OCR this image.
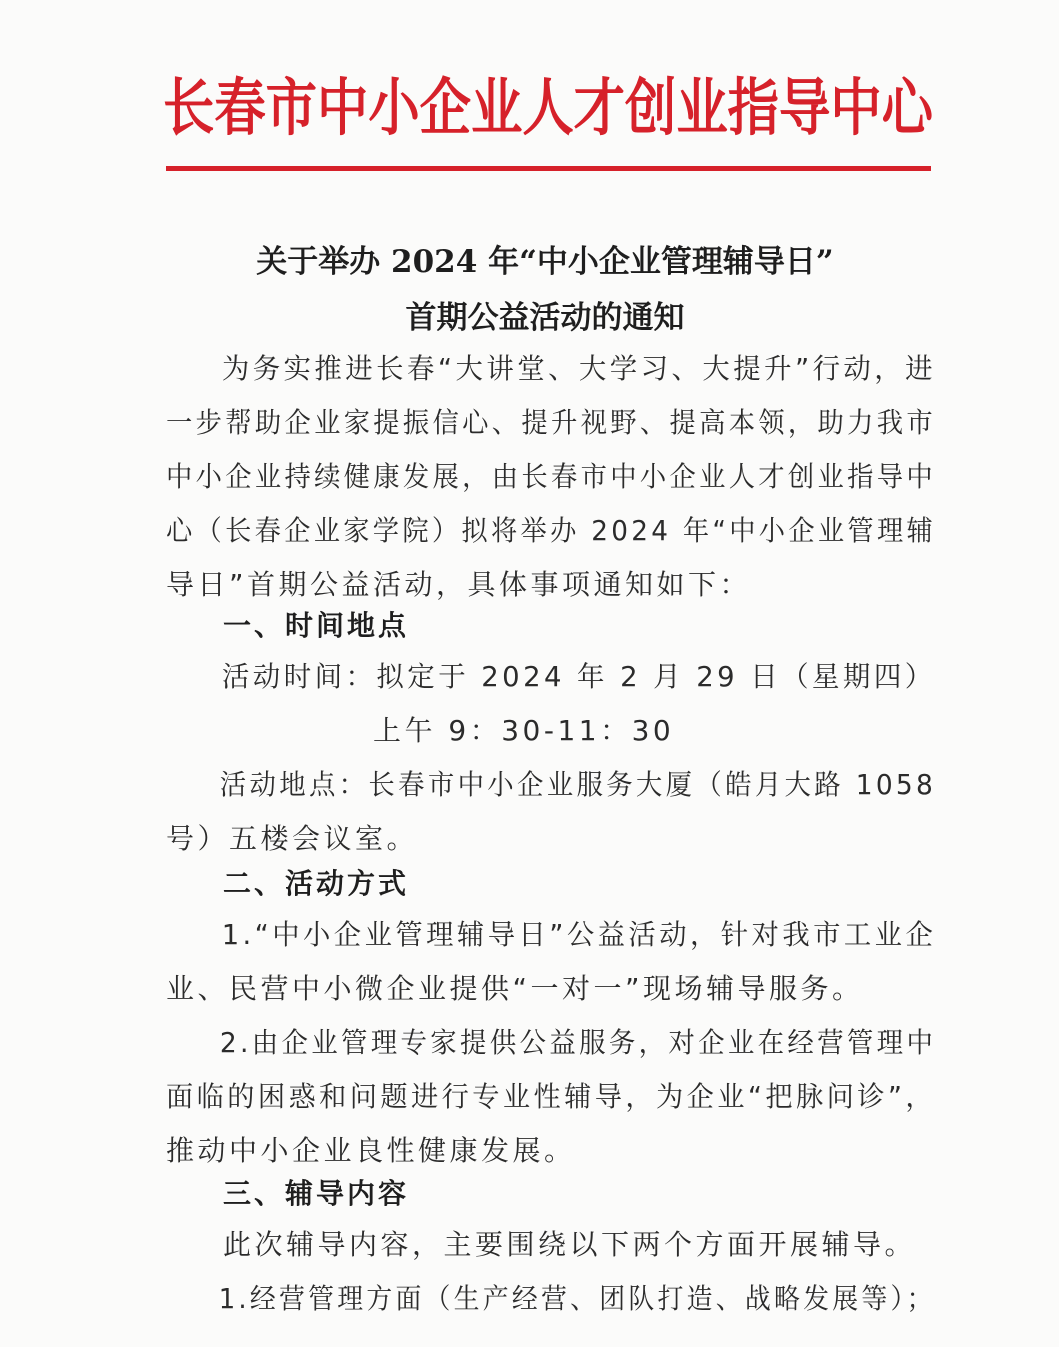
长春市中小企业人才创业指导中心
关于举办 2024 年“中小企业管理辅导日”
首期公益活动的通知
为务实推进长春“大讲堂、大学习、大提升”行动，进
一步帮助企业家提振信心、提升视野、提高本领，助力我市
中小企业持续健康发展，由长春市中小企业人才创业指导中
心（长春企业家学院）拟将举办 2024 年“中小企业管理辅
导日”首期公益活动，具体事项通知如下：
一、时间地点
活动时间：拟定于 2024 年 2 月 29 日（星期四）
上午 9：30-11：30
活动地点：长春市中小企业服务大厦（皓月大路 1058
号）五楼会议室。
二、活动方式
1.“中小企业管理辅导日”公益活动，针对我市工业企
业、民营中小微企业提供“一对一”现场辅导服务。
2.由企业管理专家提供公益服务，对企业在经营管理中
面临的困惑和问题进行专业性辅导，为企业“把脉问诊”，
推动中小企业良性健康发展。
三、辅导内容
此次辅导内容，主要围绕以下两个方面开展辅导。
1.经营管理方面（生产经营、团队打造、战略发展等）；
